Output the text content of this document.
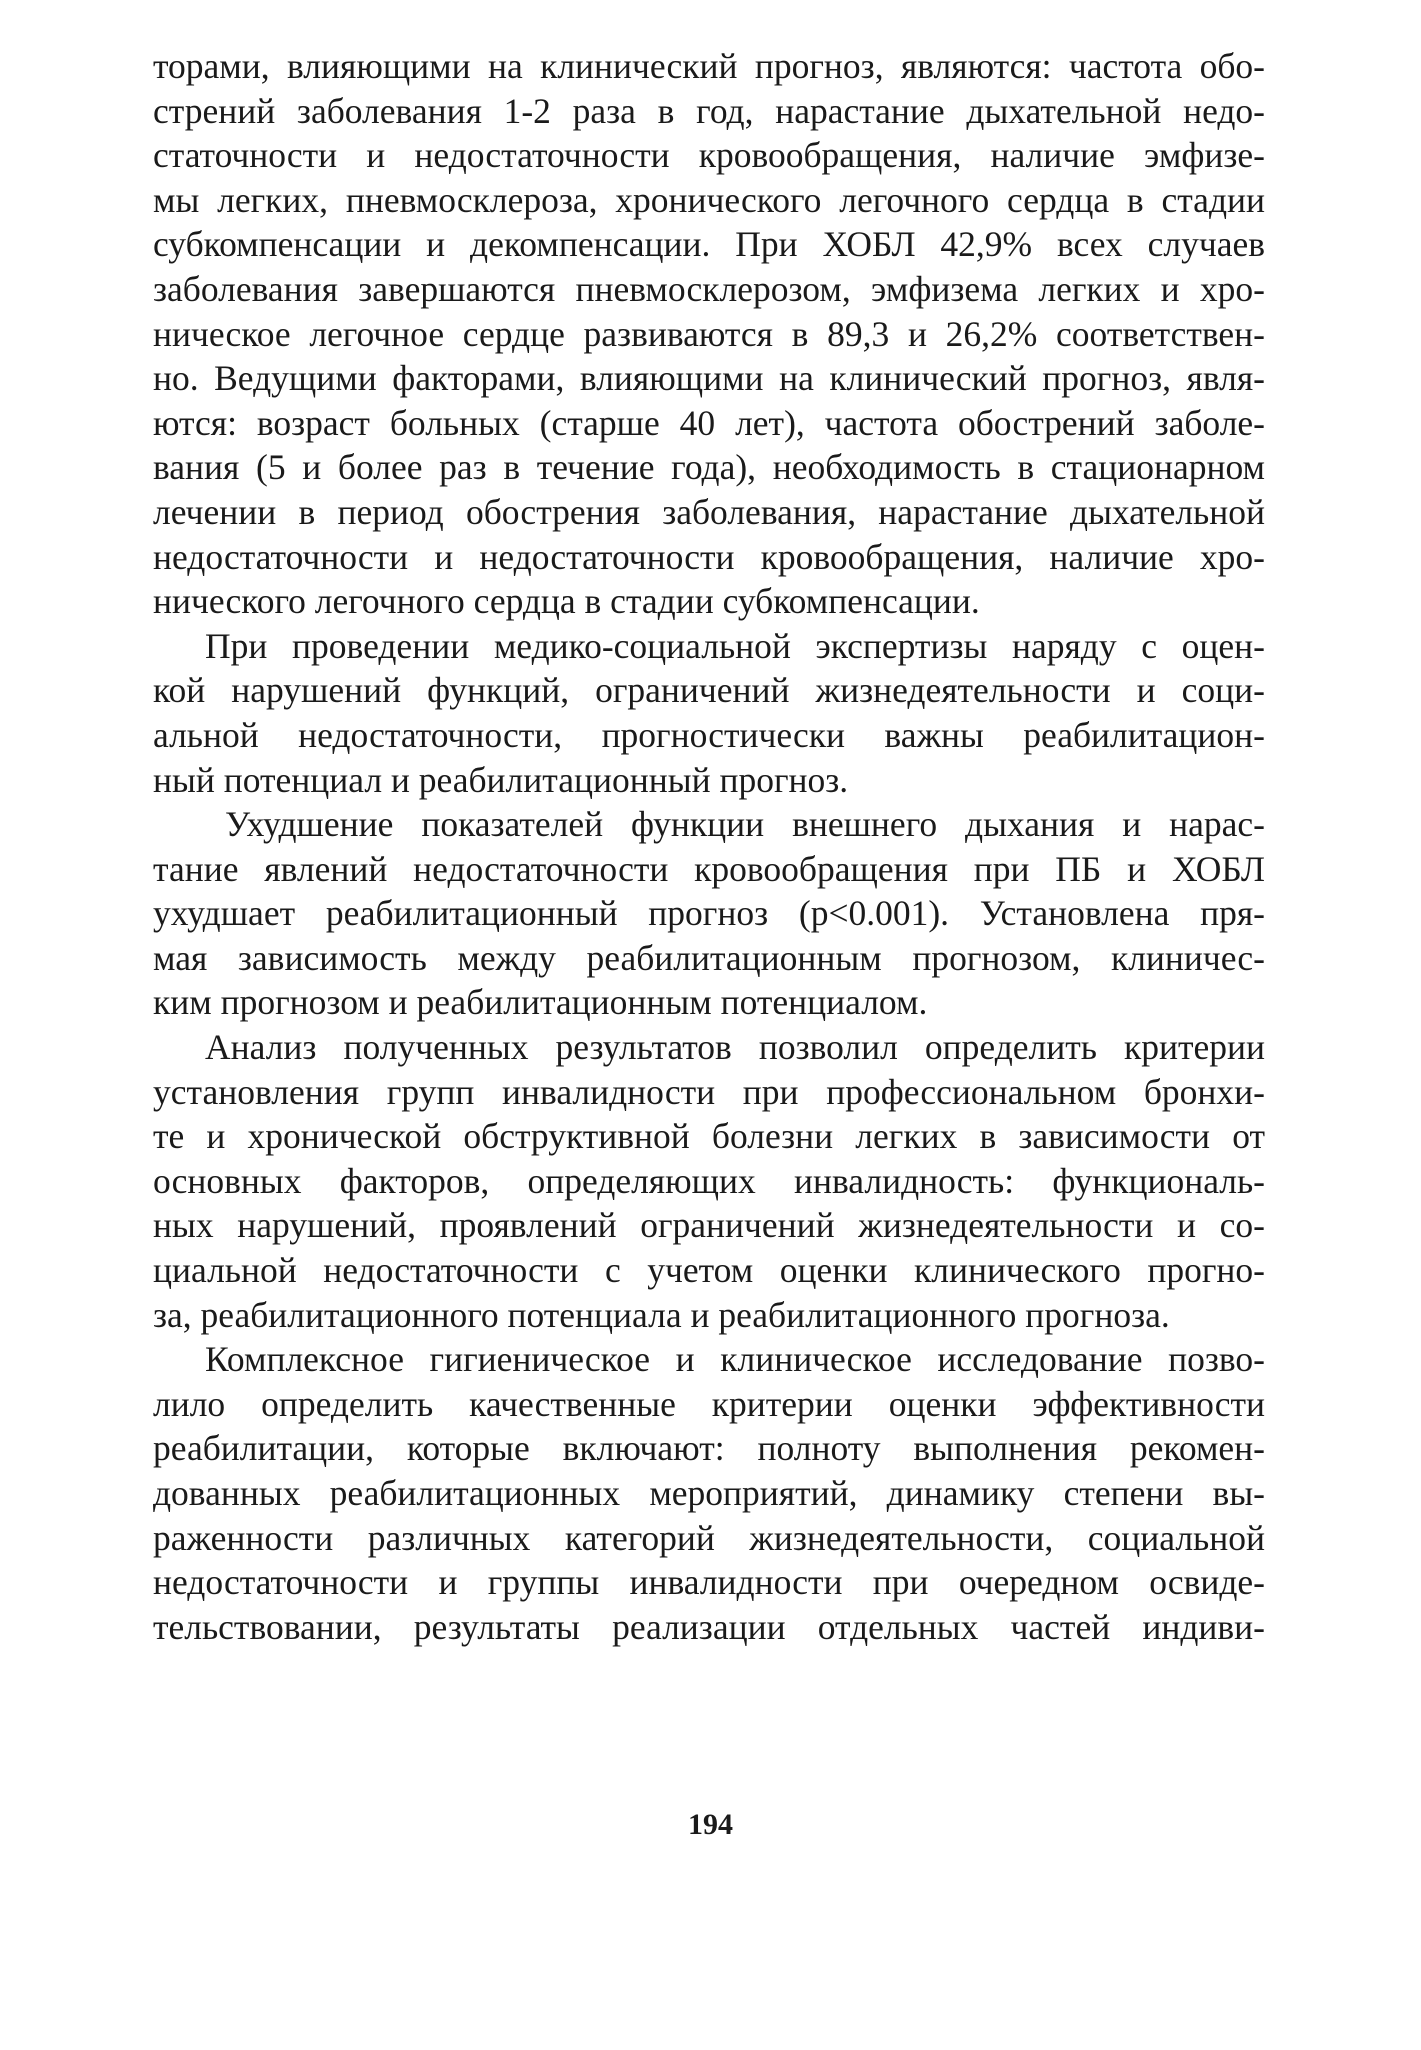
торами, влияющими на клинический прогноз, являются: частота обо-
стрений заболевания 1-2 раза в год, нарастание дыхательной недо-
статочности и недостаточности кровообращения, наличие эмфизе-
мы легких, пневмосклероза, хронического легочного сердца в стадии
субкомпенсации и декомпенсации. При ХОБЛ 42,9% всех случаев
заболевания завершаются пневмосклерозом, эмфизема легких и хро-
ническое легочное сердце развиваются в 89,3 и 26,2% соответствен-
но. Ведущими факторами, влияющими на клинический прогноз, явля-
ются: возраст больных (старше 40 лет), частота обострений заболе-
вания (5 и более раз в течение года), необходимость в стационарном
лечении в период обострения заболевания, нарастание дыхательной
недостаточности и недостаточности кровообращения, наличие хро-
нического легочного сердца в стадии субкомпенсации.
При проведении медико-социальной экспертизы наряду с оцен-
кой нарушений функций, ограничений жизнедеятельности и соци-
альной недостаточности, прогностически важны реабилитацион-
ный потенциал и реабилитационный прогноз.
Ухудшение показателей функции внешнего дыхания и нарас-
тание явлений недостаточности кровообращения при ПБ и ХОБЛ
ухудшает реабилитационный прогноз (p<0.001). Установлена пря-
мая зависимость между реабилитационным прогнозом, клиничес-
ким прогнозом и реабилитационным потенциалом.
Анализ полученных результатов позволил определить критерии
установления групп инвалидности при профессиональном бронхи-
те и хронической обструктивной болезни легких в зависимости от
основных факторов, определяющих инвалидность: функциональ-
ных нарушений, проявлений ограничений жизнедеятельности и со-
циальной недостаточности с учетом оценки клинического прогно-
за, реабилитационного потенциала и реабилитационного прогноза.
Комплексное гигиеническое и клиническое исследование позво-
лило определить качественные критерии оценки эффективности
реабилитации, которые включают: полноту выполнения рекомен-
дованных реабилитационных мероприятий, динамику степени вы-
раженности различных категорий жизнедеятельности, социальной
недостаточности и группы инвалидности при очередном освиде-
тельствовании, результаты реализации отдельных частей индиви-
194
